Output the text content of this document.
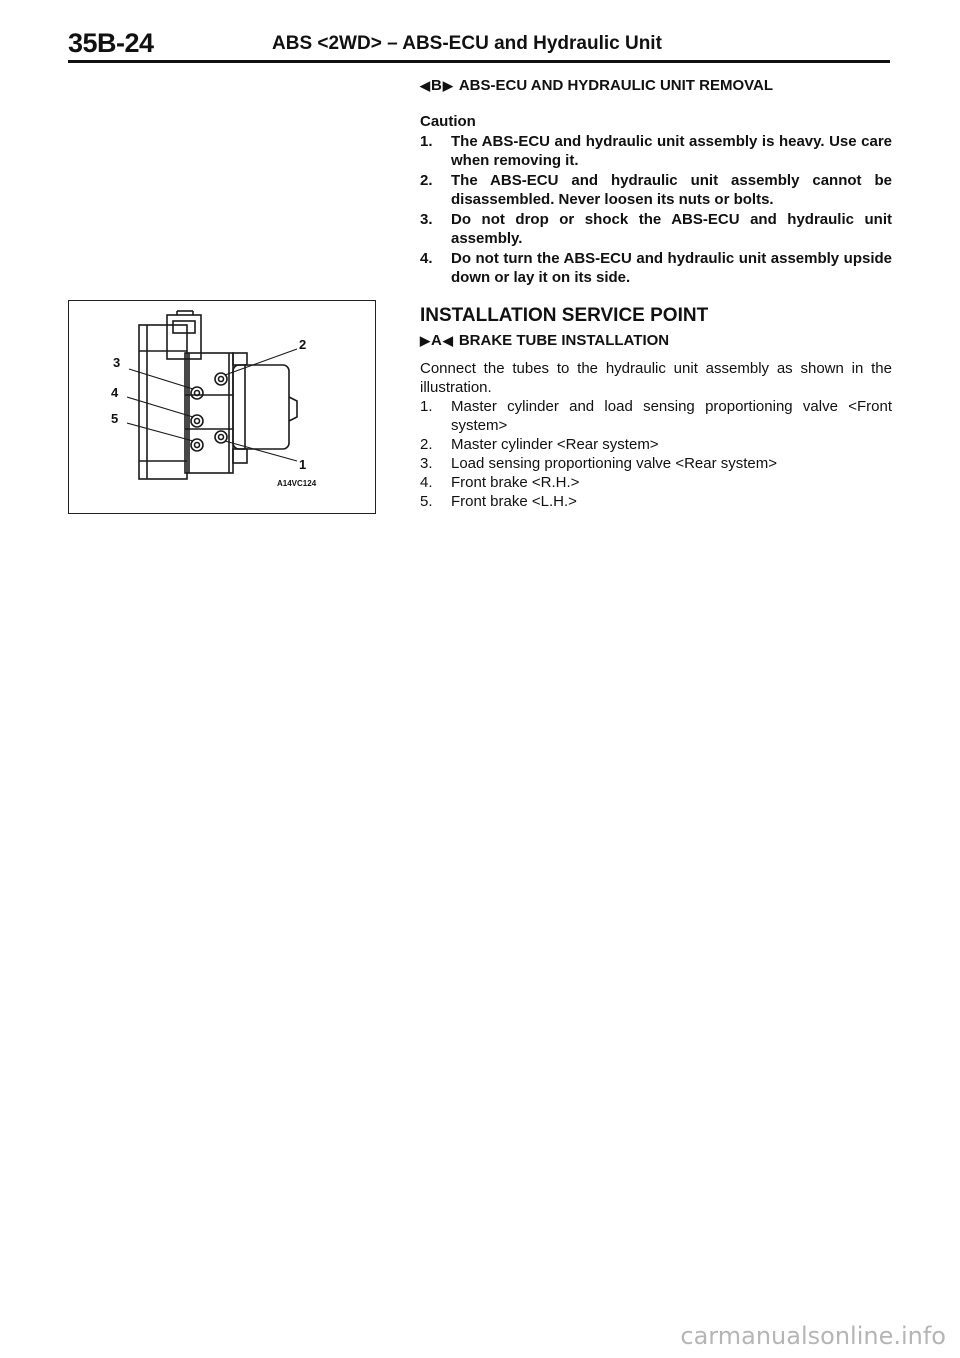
35B-24	ABS <2WD> – ABS-ECU and Hydraulic Unit
◀ B ▶ ABS-ECU AND HYDRAULIC UNIT REMOVAL
Caution
1.	The ABS-ECU and hydraulic unit assembly is heavy. Use care when removing it.
2.	The ABS-ECU and hydraulic unit assembly cannot be disassembled. Never loosen its nuts or bolts.
3.	Do not drop or shock the ABS-ECU and hydraulic unit assembly.
4.	Do not turn the ABS-ECU and hydraulic unit assembly upside down or lay it on its side.
2
3
4
5
1
A14VC124
INSTALLATION SERVICE POINT
▶ A ◀ BRAKE TUBE INSTALLATION

Connect the tubes to the hydraulic unit assembly as shown in the illustration.

1.	Master cylinder and load sensing proportioning valve <Front system>
2.	Master cylinder <Rear system>
3.	Load sensing proportioning valve <Rear system>
4.	Front brake <R.H.>
5.	Front brake <L.H.>
carmanualsonline.info
